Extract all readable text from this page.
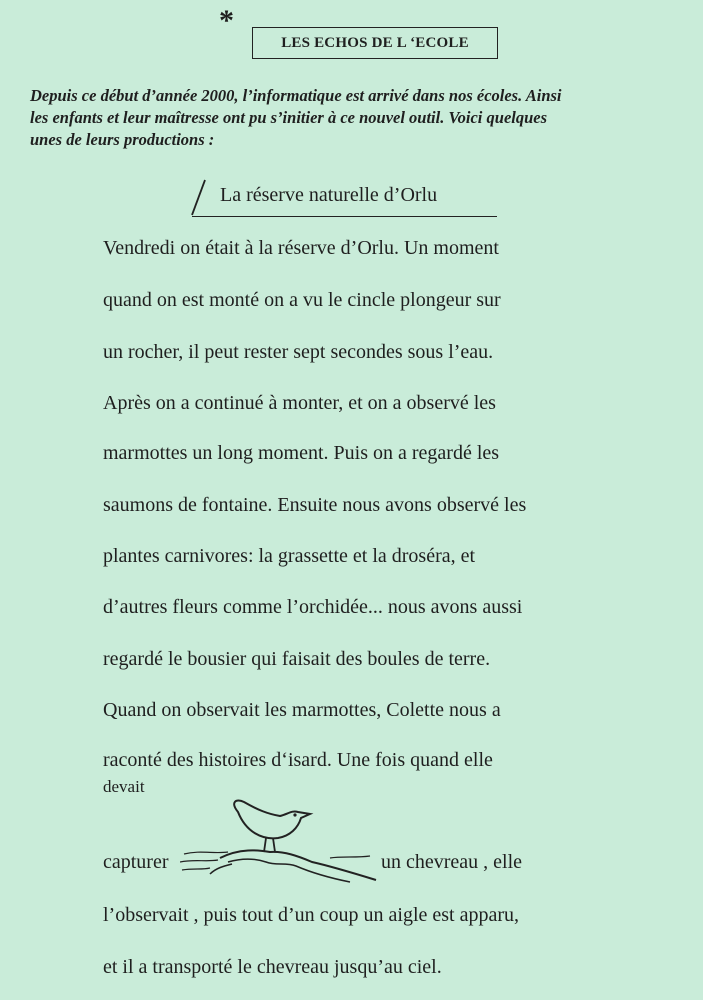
*
LES ECHOS DE L ‘ECOLE
Depuis ce début d’année 2000, l’informatique est arrivé dans nos écoles. Ainsi
les enfants et leur maîtresse ont pu s’initier à ce nouvel outil. Voici quelques
unes de leurs productions :
La réserve naturelle d’Orlu
Vendredi on était à la réserve d’Orlu. Un moment
quand on est monté on a vu le cincle plongeur sur
un rocher, il peut rester sept secondes sous l’eau.
Après on a continué à monter, et on a observé les
marmottes un long moment. Puis on a regardé les
saumons de fontaine. Ensuite nous avons observé les
plantes carnivores: la grassette et la droséra, et
d’autres fleurs comme l’orchidée... nous avons aussi
regardé le bousier qui faisait des boules de terre.
Quand on observait les marmottes, Colette nous a
raconté des histoires d‘isard. Une fois quand elle
devait
capturer	un chevreau , elle
l’observait , puis tout d’un coup un aigle est apparu,
et il a transporté le chevreau jusqu’au ciel.
